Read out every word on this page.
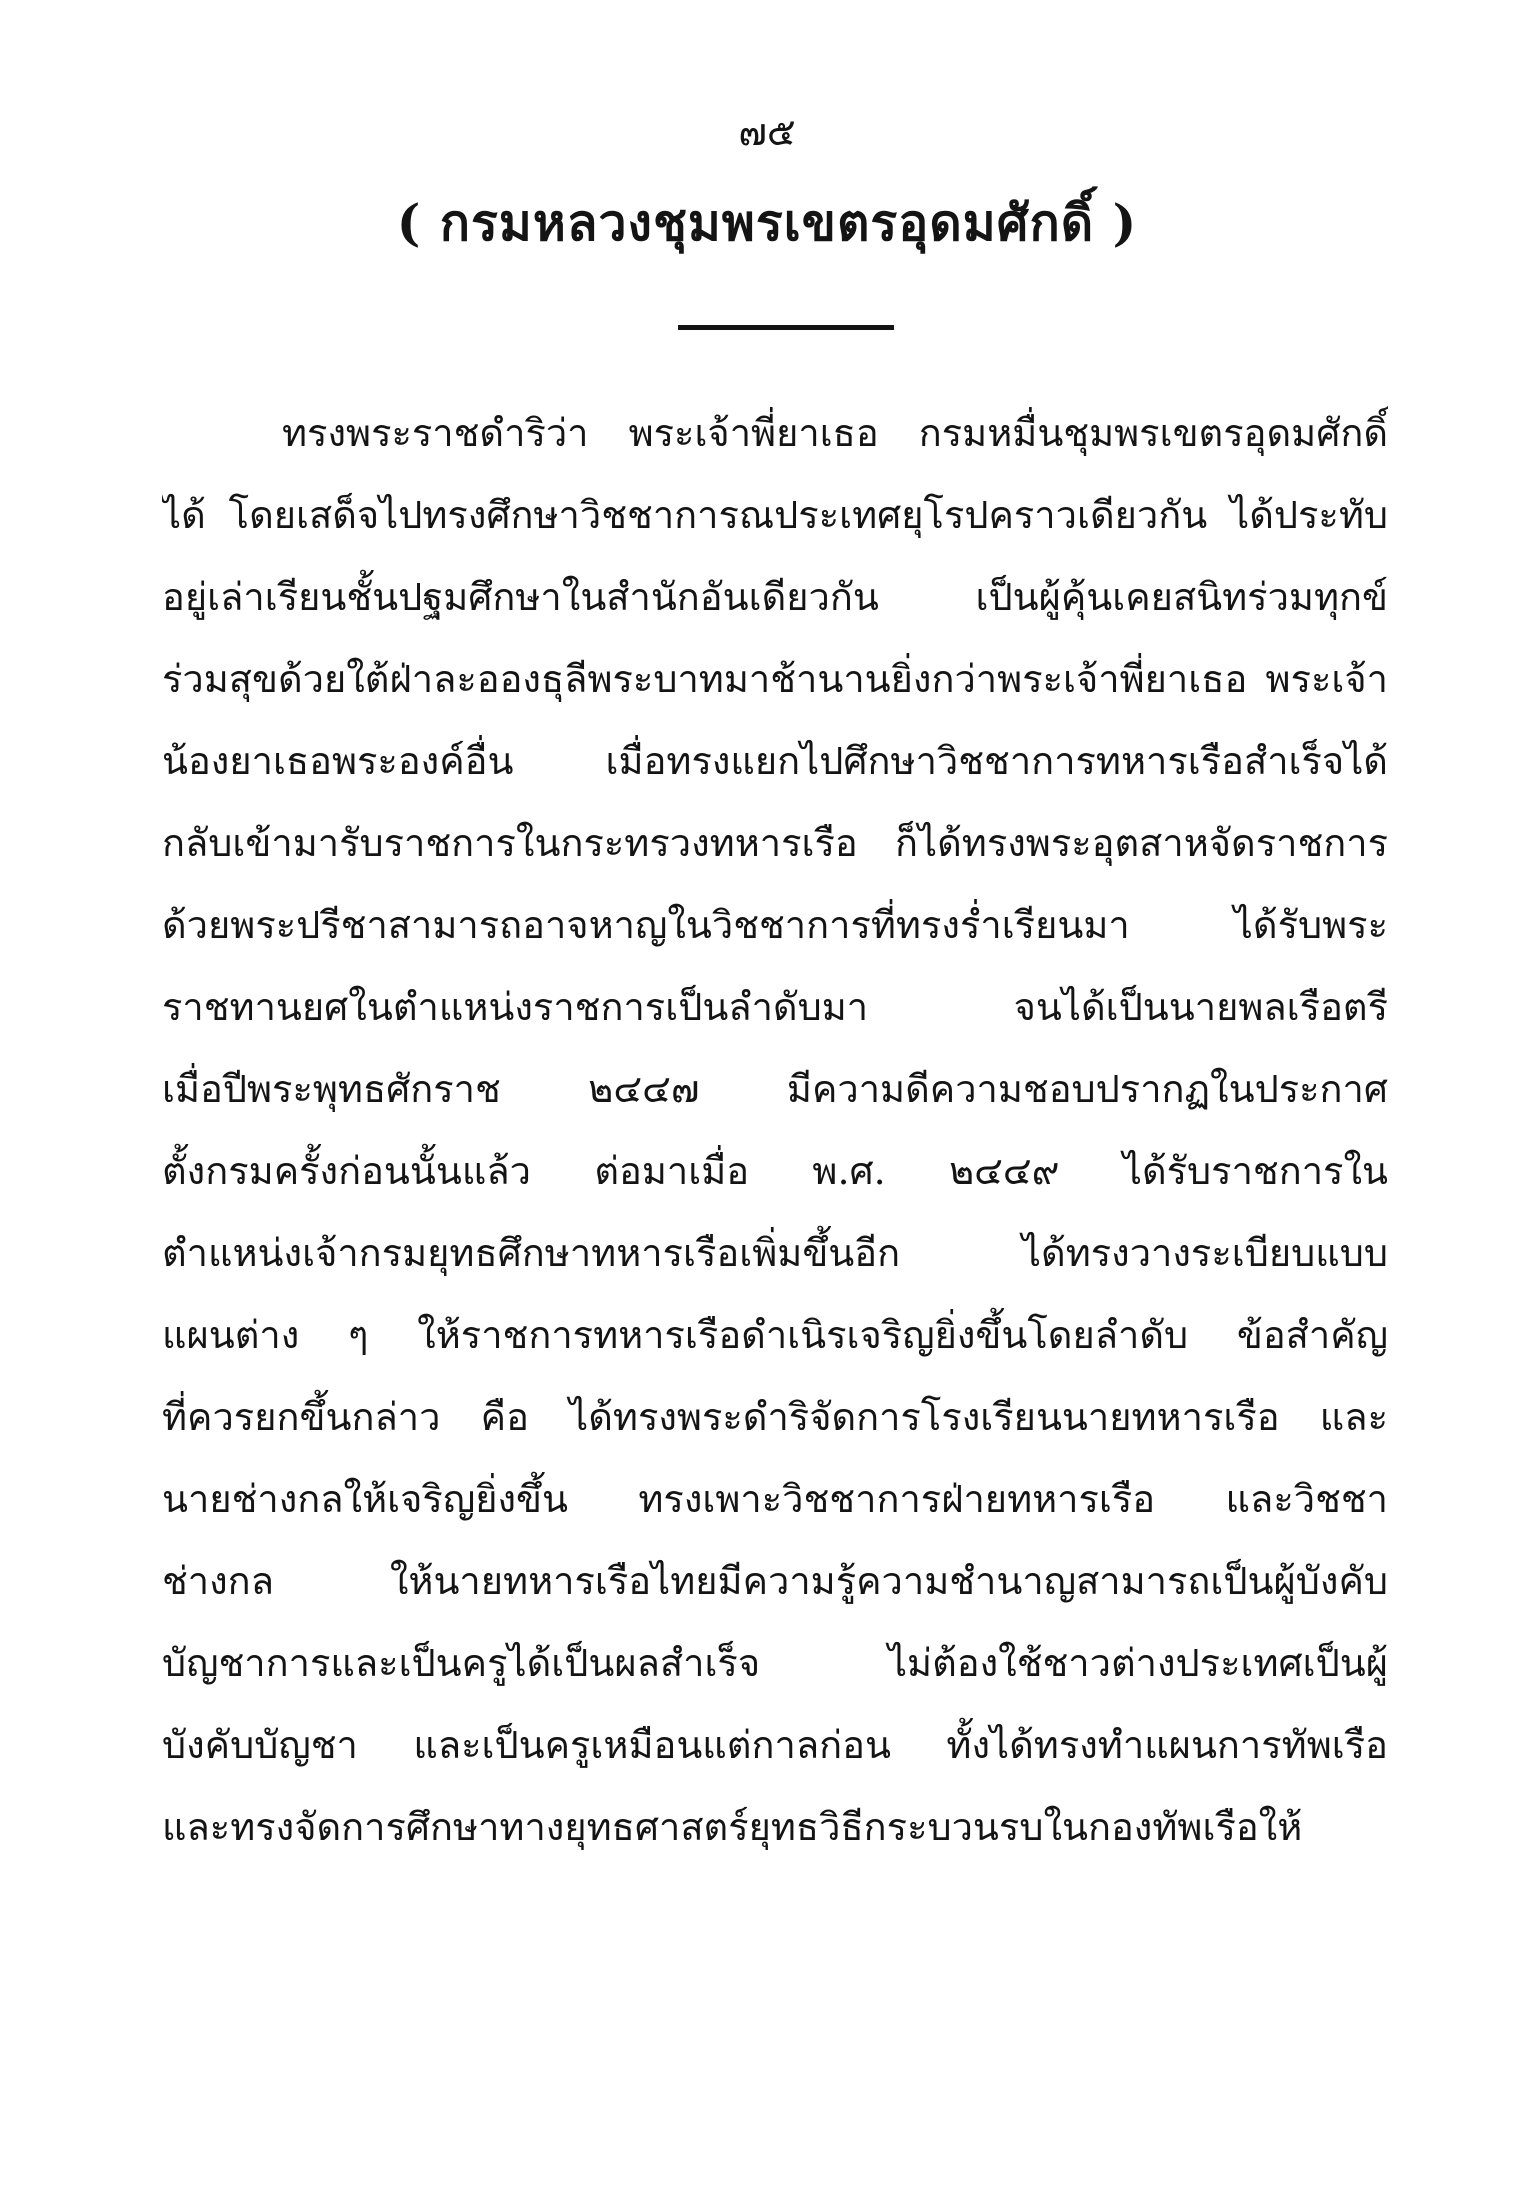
๗๕
( กรมหลวงชุมพรเขตรอุดมศักดิ์ )
ทรงพระราชดำริว่า พระเจ้าพี่ยาเธอ กรมหมื่นชุมพรเขตรอุดมศักดิ์
ได้ โดยเสด็จไปทรงศึกษาวิชชาการณประเทศยุโรปคราวเดียวกัน ได้ประทับ
อยู่เล่าเรียนชั้นปฐมศึกษาในสำนักอันเดียวกัน เป็นผู้คุ้นเคยสนิทร่วมทุกข์
ร่วมสุขด้วยใต้ฝ่าละอองธุลีพระบาทมาช้านานยิ่งกว่าพระเจ้าพี่ยาเธอ พระเจ้า
น้องยาเธอพระองค์อื่น เมื่อทรงแยกไปศึกษาวิชชาการทหารเรือสำเร็จได้
กลับเข้ามารับราชการในกระทรวงทหารเรือ ก็ได้ทรงพระอุตสาหจัดราชการ
ด้วยพระปรีชาสามารถอาจหาญในวิชชาการที่ทรงร่ำเรียนมา ได้รับพระ
ราชทานยศในตำแหน่งราชการเป็นลำดับมา จนได้เป็นนายพลเรือตรี
เมื่อปีพระพุทธศักราช ๒๔๔๗ มีความดีความชอบปรากฏในประกาศ
ตั้งกรมครั้งก่อนนั้นแล้ว ต่อมาเมื่อ พ.ศ. ๒๔๔๙ ได้รับราชการใน
ตำแหน่งเจ้ากรมยุทธศึกษาทหารเรือเพิ่มขึ้นอีก ได้ทรงวางระเบียบแบบ
แผนต่าง ๆ ให้ราชการทหารเรือดำเนิรเจริญยิ่งขึ้นโดยลำดับ ข้อสำคัญ
ที่ควรยกขึ้นกล่าว คือ ได้ทรงพระดำริจัดการโรงเรียนนายทหารเรือ และ
นายช่างกลให้เจริญยิ่งขึ้น ทรงเพาะวิชชาการฝ่ายทหารเรือ และวิชชา
ช่างกล ให้นายทหารเรือไทยมีความรู้ความชำนาญสามารถเป็นผู้บังคับ
บัญชาการและเป็นครูได้เป็นผลสำเร็จ ไม่ต้องใช้ชาวต่างประเทศเป็นผู้
บังคับบัญชา และเป็นครูเหมือนแต่กาลก่อน ทั้งได้ทรงทำแผนการทัพเรือ
และทรงจัดการศึกษาทางยุทธศาสตร์ยุทธวิธีกระบวนรบในกองทัพเรือให้
